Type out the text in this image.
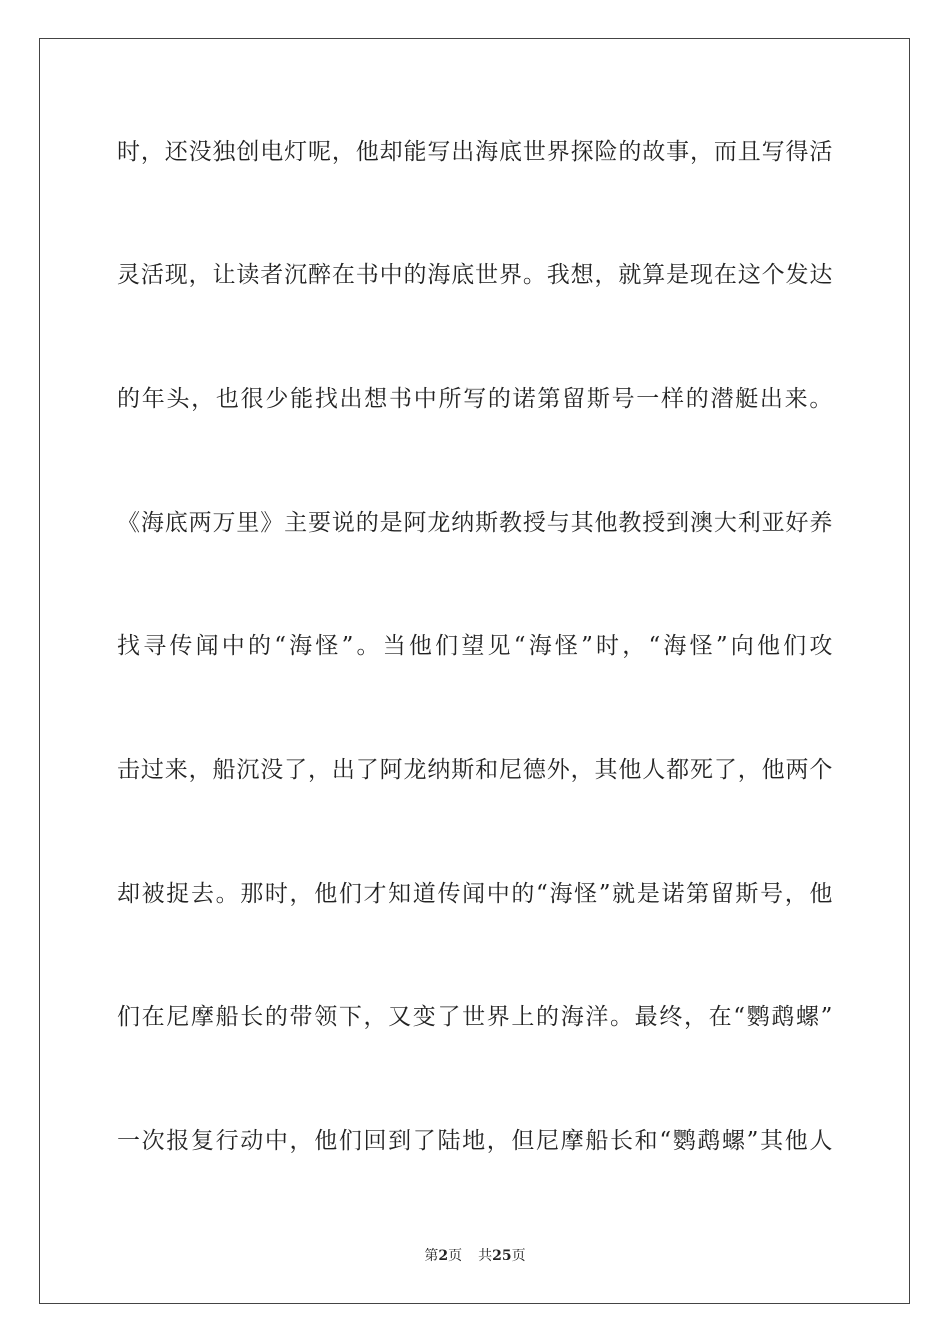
时，还没独创电灯呢，他却能写出海底世界探险的故事，而且写得活
灵活现，让读者沉醉在书中的海底世界。我想，就算是现在这个发达
的年头，也很少能找出想书中所写的诺第留斯号一样的潜艇出来。
《海底两万里》主要说的是阿龙纳斯教授与其他教授到澳大利亚好养
找寻传闻中的“海怪”。当他们望见“海怪”时，“海怪”向他们攻
击过来，船沉没了，出了阿龙纳斯和尼德外，其他人都死了，他两个
却被捉去。那时，他们才知道传闻中的“海怪”就是诺第留斯号，他
们在尼摩船长的带领下，又变了世界上的海洋。最终，在“鹦鹉螺”
一次报复行动中，他们回到了陆地，但尼摩船长和“鹦鹉螺”其他人
第2页 共25页
